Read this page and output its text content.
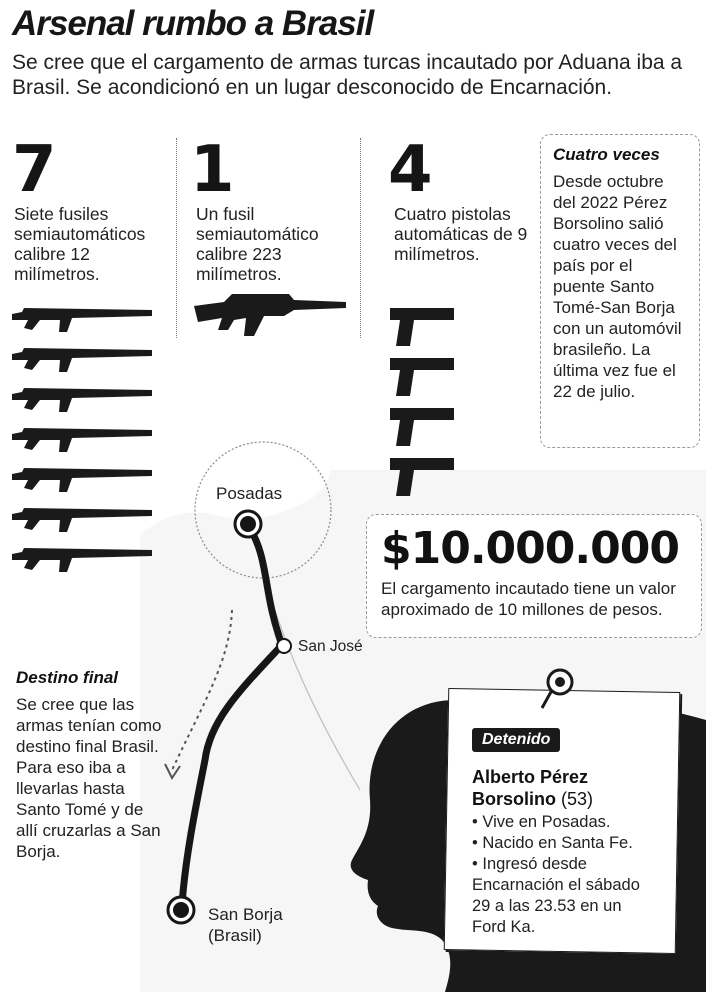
Arsenal rumbo a Brasil
Se cree que el cargamento de armas turcas incautado por Aduana iba a Brasil. Se acondicionó en un lugar desconocido de Encarnación.
7
Siete fusiles semiautomáticos calibre 12 milímetros.
1
Un fusil semiautomático calibre 223 milímetros.
4
Cuatro pistolas automáticas de 9 milímetros.
Cuatro veces
Desde octubre del 2022 Pérez Borsolino salió cuatro veces del país por el puente Santo Tomé-San Borja con un automóvil brasileño. La última vez fue el 22 de julio.
$10.000.000
El cargamento incautado tiene un valor aproximado de 10 millones de pesos.
Posadas
San José
San Borja
(Brasil)
Destino final
Se cree que las armas tenían como destino final Brasil. Para eso iba a llevarlas hasta Santo Tomé y de allí cruzarlas a San Borja.
Detenido
Alberto Pérez
Borsolino (53)
• Vive en Posadas.
• Nacido en Santa Fe.
• Ingresó desde Encarnación el sábado 29 a las 23.53 en un Ford Ka.
